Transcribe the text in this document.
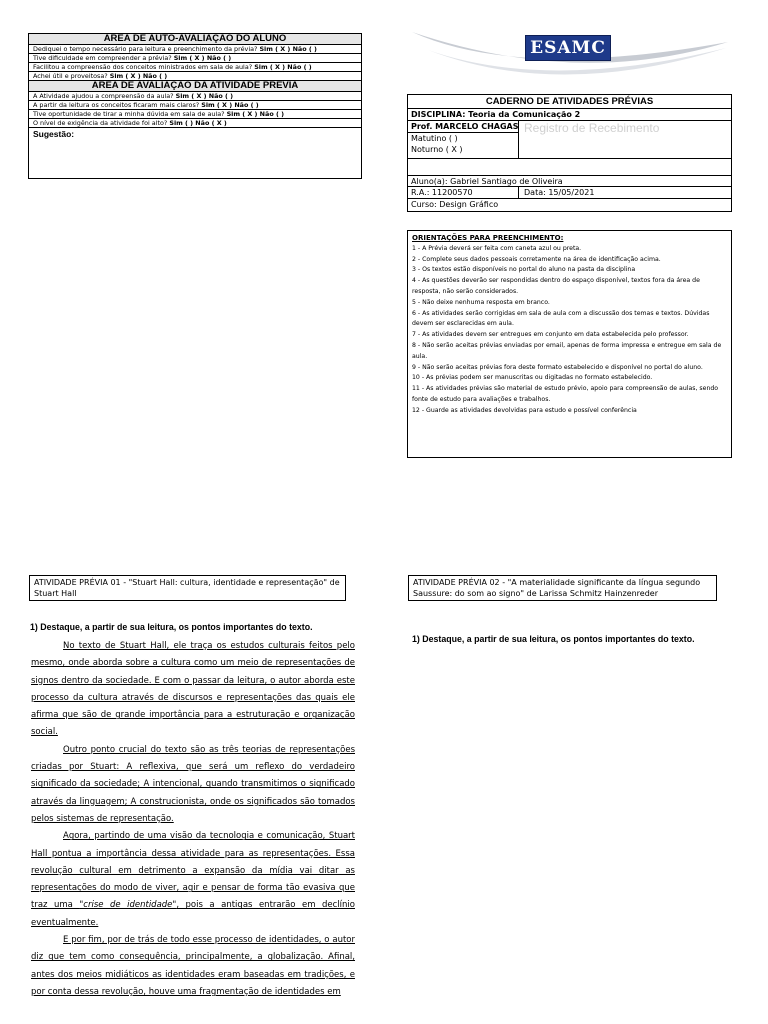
ÁREA DE AUTO-AVALIAÇÃO DO ALUNO
Dediquei o tempo necessário para leitura e preenchimento da prévia? Sim ( X ) Não ( )
Tive dificuldade em compreender a prévia? Sim ( X ) Não ( )
Facilitou a compreensão dos conceitos ministrados em sala de aula? Sim ( X ) Não ( )
Achei útil e proveitosa? Sim ( X ) Não ( )
ÁREA DE AVALIAÇÃO DA ATIVIDADE PRÉVIA
A Atividade ajudou a compreensão da aula? Sim ( X ) Não ( )
A partir da leitura os conceitos ficaram mais claros? Sim ( X ) Não ( )
Tive oportunidade de tirar a minha dúvida em sala de aula? Sim ( X ) Não ( )
O nível de exigência da atividade foi alto? Sim ( ) Não ( X )
Sugestão:
ESAMC
CADERNO DE ATIVIDADES PRÉVIAS
DISCIPLINA: Teoria da Comunicação 2
Prof. MARCELO CHAGAS
Matutino ( )
Noturno ( X )
Registro de Recebimento
Aluno(a): Gabriel Santiago de Oliveira
R.A.: 11200570	Data: 15/05/2021
Curso: Design Gráfico
ORIENTAÇÕES PARA PREENCHIMENTO:
1 - A Prévia deverá ser feita com caneta azul ou preta.
2 - Complete seus dados pessoais corretamente na área de identificação acima.
3 - Os textos estão disponíveis no portal do aluno na pasta da disciplina
4 - As questões deverão ser respondidas dentro do espaço disponível, textos fora da área de resposta, não serão considerados.
5 - Não deixe nenhuma resposta em branco.
6 - As atividades serão corrigidas em sala de aula com a discussão dos temas e textos. Dúvidas devem ser esclarecidas em aula.
7 - As atividades devem ser entregues em conjunto em data estabelecida pelo professor.
8 - Não serão aceitas prévias enviadas por email, apenas de forma impressa e entregue em sala de aula.
9 - Não serão aceitas prévias fora deste formato estabelecido e disponível no portal do aluno.
10 - As prévias podem ser manuscritas ou digitadas no formato estabelecido.
11 - As atividades prévias são material de estudo prévio, apoio para compreensão de aulas, sendo fonte de estudo para avaliações e trabalhos.
12 - Guarde as atividades devolvidas para estudo e possível conferência
ATIVIDADE PRÉVIA 01 - "Stuart Hall: cultura, identidade e representação" de Stuart Hall
1) Destaque, a partir de sua leitura, os pontos importantes do texto.

No texto de Stuart Hall, ele traça os estudos culturais feitos pelo mesmo, onde aborda sobre a cultura como um meio de representações de signos dentro da sociedade. E com o passar da leitura, o autor aborda este processo da cultura através de discursos e representações das quais ele afirma que são de grande importância para a estruturação e organização social.

Outro ponto crucial do texto são as três teorias de representações criadas por Stuart: A reflexiva, que será um reflexo do verdadeiro significado da sociedade; A intencional, quando transmitimos o significado através da linguagem; A construcionista, onde os significados são tomados pelos sistemas de representação.

Agora, partindo de uma visão da tecnologia e comunicação, Stuart Hall pontua a importância dessa atividade para as representações. Essa revolução cultural em detrimento a expansão da mídia vai ditar as representações do modo de viver, agir e pensar de forma tão evasiva que traz uma "crise de identidade", pois a antigas entrarão em declínio eventualmente.

E por fim, por de trás de todo esse processo de identidades, o autor diz que tem como consequência, principalmente, a globalização. Afinal, antes dos meios midiáticos as identidades eram baseadas em tradições, e por conta dessa revolução, houve uma fragmentação de identidades em

ATIVIDADE PRÉVIA 02 - "A materialidade significante da língua segundo Saussure: do som ao signo" de Larissa Schmitz Hainzenreder
1) Destaque, a partir de sua leitura, os pontos importantes do texto.
